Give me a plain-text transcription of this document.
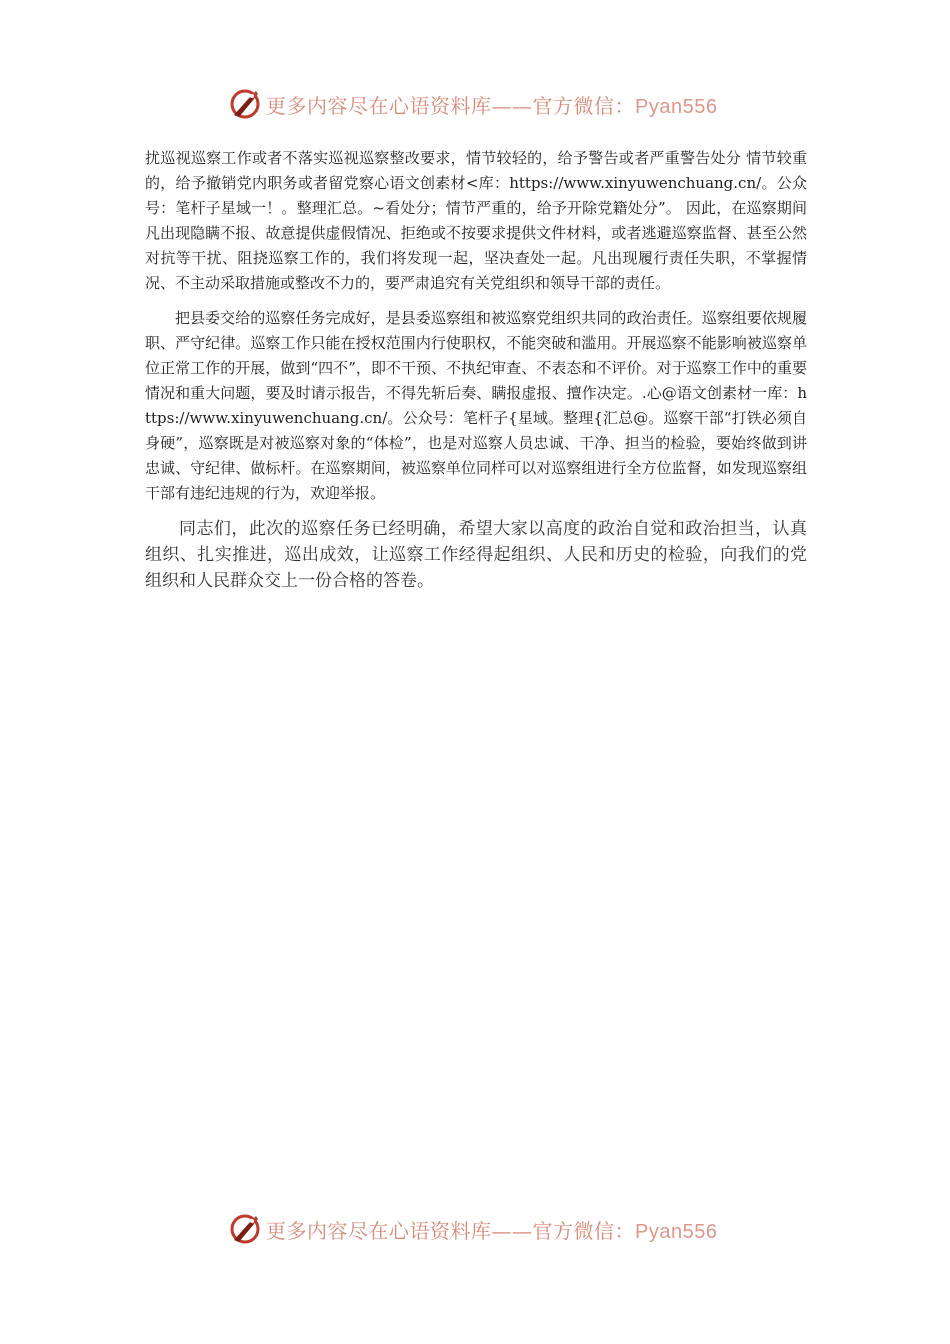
更多内容尽在心语资料库——官方微信：Pyan556

扰巡视巡察工作或者不落实巡视巡察整改要求，情节较轻的，给予警告或者严重警告处分 情节较重的，给予撤销党内职务或者留党察心语文创素材<库：https://www.xinyuwenchuang.cn/。公众号：笔杆子星域一！。整理汇总。~看处分；情节严重的，给予开除党籍处分”。 因此，在巡察期间凡出现隐瞒不报、故意提供虚假情况、拒绝或不按要求提供文件材料，或者逃避巡察监督、甚至公然对抗等干扰、阻挠巡察工作的，我们将发现一起，坚决查处一起。凡出现履行责任失职，不掌握情况、不主动采取措施或整改不力的，要严肃追究有关党组织和领导干部的责任。

把县委交给的巡察任务完成好，是县委巡察组和被巡察党组织共同的政治责任。巡察组要依规履职、严守纪律。巡察工作只能在授权范围内行使职权，不能突破和滥用。开展巡察不能影响被巡察单位正常工作的开展，做到“四不”，即不干预、不执纪审查、不表态和不评价。对于巡察工作中的重要情况和重大问题，要及时请示报告，不得先斩后奏、瞒报虚报、擅作决定。.心@语文创素材一库：https://www.xinyuwenchuang.cn/。公众号：笔杆子{星域。整理{汇总@。巡察干部“打铁必须自身硬”，巡察既是对被巡察对象的“体检”，也是对巡察人员忠诚、干净、担当的检验，要始终做到讲忠诚、守纪律、做标杆。在巡察期间，被巡察单位同样可以对巡察组进行全方位监督，如发现巡察组干部有违纪违规的行为，欢迎举报。

同志们，此次的巡察任务已经明确，希望大家以高度的政治自觉和政治担当，认真组织、扎实推进，巡出成效，让巡察工作经得起组织、人民和历史的检验，向我们的党组织和人民群众交上一份合格的答卷。

更多内容尽在心语资料库——官方微信：Pyan556
